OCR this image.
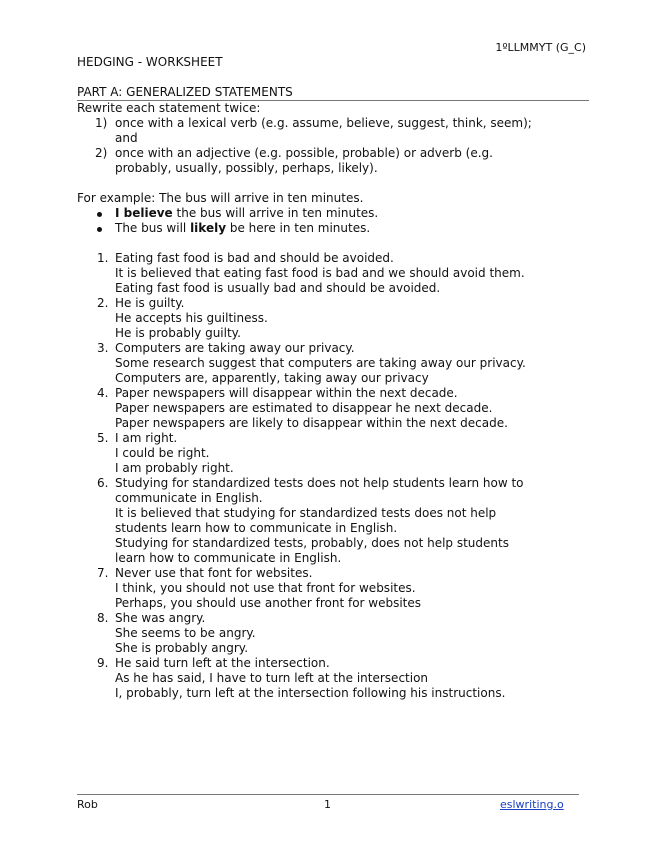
1ºLLMMYT (G_C)
HEDGING - WORKSHEET
PART A: GENERALIZED STATEMENTS
Rewrite each statement twice:
1) once with a lexical verb (e.g. assume, believe, suggest, think, seem);
and
2) once with an adjective (e.g. possible, probable) or adverb (e.g.
probably, usually, possibly, perhaps, likely).
For example: The bus will arrive in ten minutes.
I believe the bus will arrive in ten minutes.
The bus will likely be here in ten minutes.
1. Eating fast food is bad and should be avoided.
It is believed that eating fast food is bad and we should avoid them.
Eating fast food is usually bad and should be avoided.
2. He is guilty.
He accepts his guiltiness.
He is probably guilty.
3. Computers are taking away our privacy.
Some research suggest that computers are taking away our privacy.
Computers are, apparently, taking away our privacy
4. Paper newspapers will disappear within the next decade.
Paper newspapers are estimated to disappear he next decade.
Paper newspapers are likely to disappear within the next decade.
5. I am right.
I could be right.
I am probably right.
6. Studying for standardized tests does not help students learn how to
communicate in English.
It is believed that studying for standardized tests does not help
students learn how to communicate in English.
Studying for standardized tests, probably, does not help students
learn how to communicate in English.
7. Never use that font for websites.
I think, you should not use that front for websites.
Perhaps, you should use another front for websites
8. She was angry.
She seems to be angry.
She is probably angry.
9. He said turn left at the intersection.
As he has said, I have to turn left at the intersection
I, probably, turn left at the intersection following his instructions.
Rob	1	eslwriting.o
